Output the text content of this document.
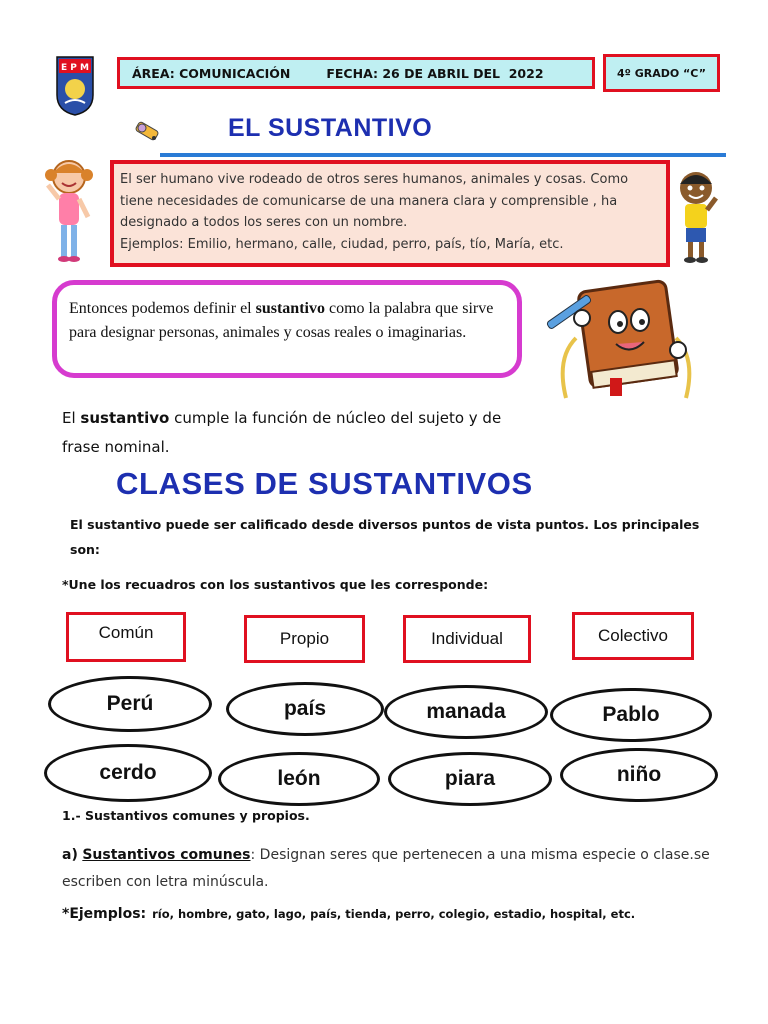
E P M	ÁREA: COMUNICACIÓN	FECHA: 26 DE ABRIL DEL  2022	4º GRADO “C”
EL SUSTANTIVO
El ser humano vive rodeado de otros seres humanos, animales y cosas. Como
tiene necesidades de comunicarse de una manera clara y comprensible , ha
designado a todos los seres con un nombre.
Ejemplos: Emilio, hermano, calle, ciudad, perro, país, tío, María, etc.
Entonces podemos definir el sustantivo como la palabra que sirve para designar personas, animales y cosas reales o imaginarias.
El sustantivo cumple la función de núcleo del sujeto y de frase nominal.
CLASES DE SUSTANTIVOS
El sustantivo puede ser calificado desde diversos puntos de vista puntos. Los principales son:
*Une los recuadros con los sustantivos que les corresponde:
Común	Propio	Individual	Colectivo
Perú	país	manada	Pablo
cerdo	león	piara	niño
1.- Sustantivos comunes y propios.
a) Sustantivos comunes: Designan seres que pertenecen a una misma especie o clase.se escriben con letra minúscula.
*Ejemplos: río, hombre, gato, lago, país, tienda, perro, colegio, estadio, hospital, etc.
